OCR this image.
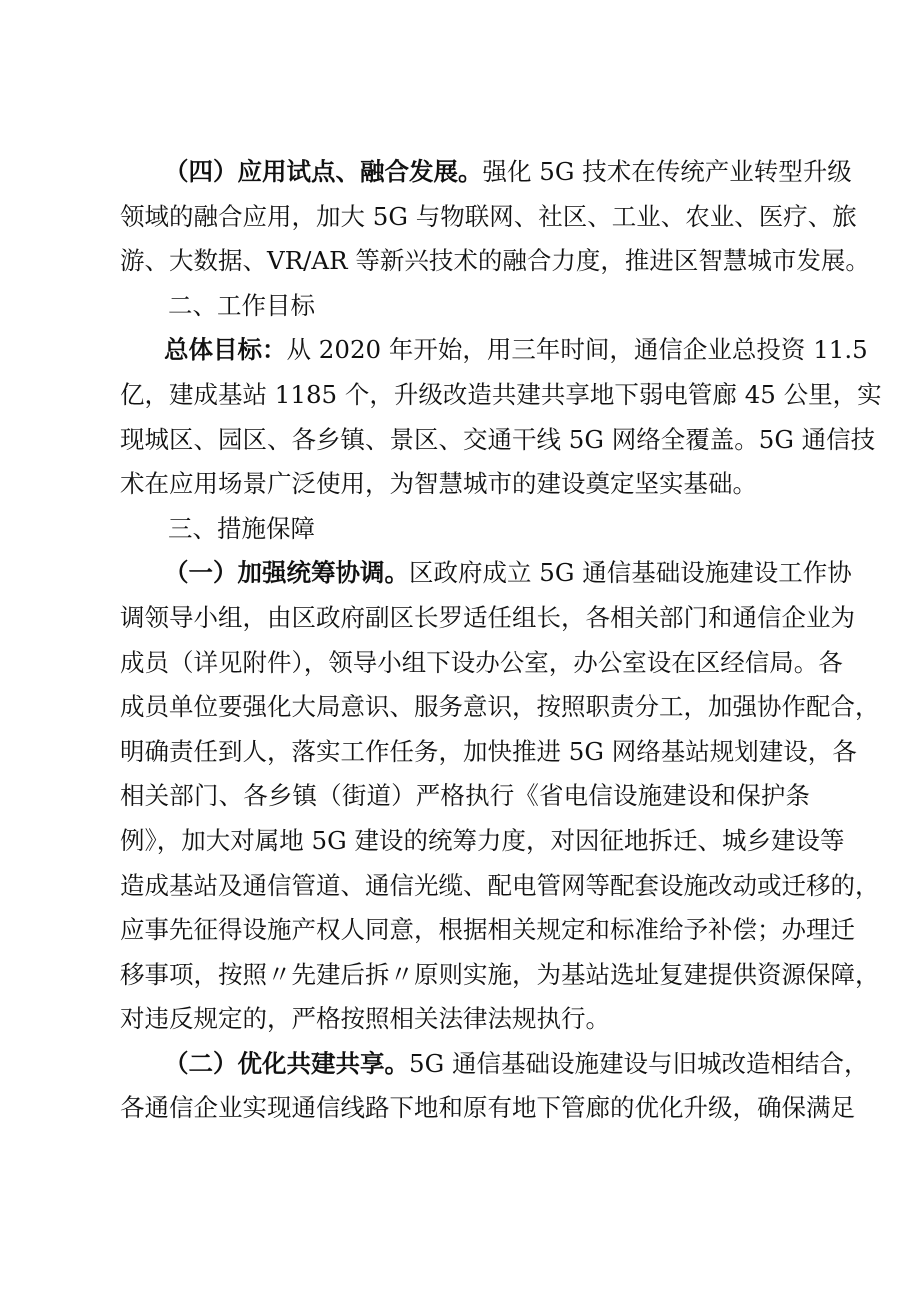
（四）应用试点、融合发展。强化 5G 技术在传统产业转型升级
领域的融合应用，加大 5G 与物联网、社区、工业、农业、医疗、旅
游、大数据、VR/AR 等新兴技术的融合力度，推进区智慧城市发展。
二、工作目标
总体目标：从 2020 年开始，用三年时间，通信企业总投资 11.5
亿，建成基站 1185 个，升级改造共建共享地下弱电管廊 45 公里，实
现城区、园区、各乡镇、景区、交通干线 5G 网络全覆盖。5G 通信技
术在应用场景广泛使用，为智慧城市的建设奠定坚实基础。
三、措施保障
（一）加强统筹协调。区政府成立 5G 通信基础设施建设工作协
调领导小组，由区政府副区长罗适任组长，各相关部门和通信企业为
成员（详见附件），领导小组下设办公室，办公室设在区经信局。各
成员单位要强化大局意识、服务意识，按照职责分工，加强协作配合，
明确责任到人，落实工作任务，加快推进 5G 网络基站规划建设，各
相关部门、各乡镇（街道）严格执行《省电信设施建设和保护条
例》，加大对属地 5G 建设的统筹力度，对因征地拆迁、城乡建设等
造成基站及通信管道、通信光缆、配电管网等配套设施改动或迁移的，
应事先征得设施产权人同意，根据相关规定和标准给予补偿；办理迁
移事项，按照〃先建后拆〃原则实施，为基站选址复建提供资源保障，
对违反规定的，严格按照相关法律法规执行。
（二）优化共建共享。5G 通信基础设施建设与旧城改造相结合，
各通信企业实现通信线路下地和原有地下管廊的优化升级，确保满足
